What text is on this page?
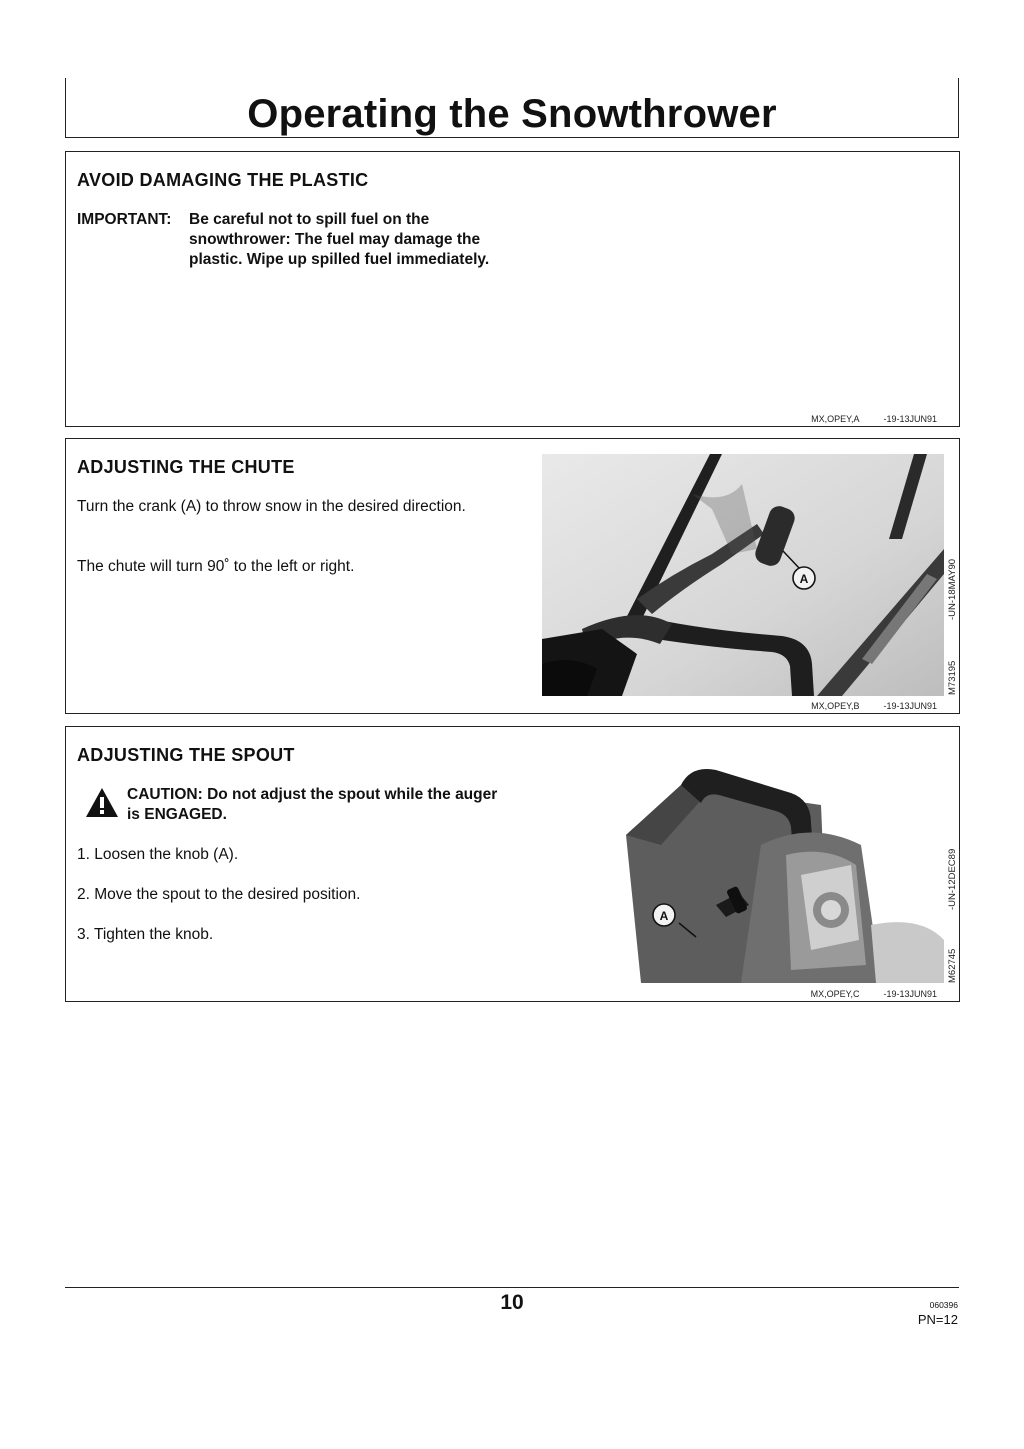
Operating the Snowthrower
AVOID DAMAGING THE PLASTIC
IMPORTANT: Be careful not to spill fuel on the snowthrower: The fuel may damage the plastic. Wipe up spilled fuel immediately.
MX,OPEY,A	-19-13JUN91
ADJUSTING THE CHUTE

Turn the crank (A) to throw snow in the desired direction.

The chute will turn 90˚ to the left or right.

A	-UN-18MAY90
M73195
MX,OPEY,B	-19-13JUN91
ADJUSTING THE SPOUT
CAUTION: Do not adjust the spout while the auger is ENGAGED.

1. Loosen the knob (A).

2. Move the spout to the desired position.

3. Tighten the knob.

A
-UN-12DEC89
M62745
MX,OPEY,C	-19-13JUN91
10	060396
PN=12
